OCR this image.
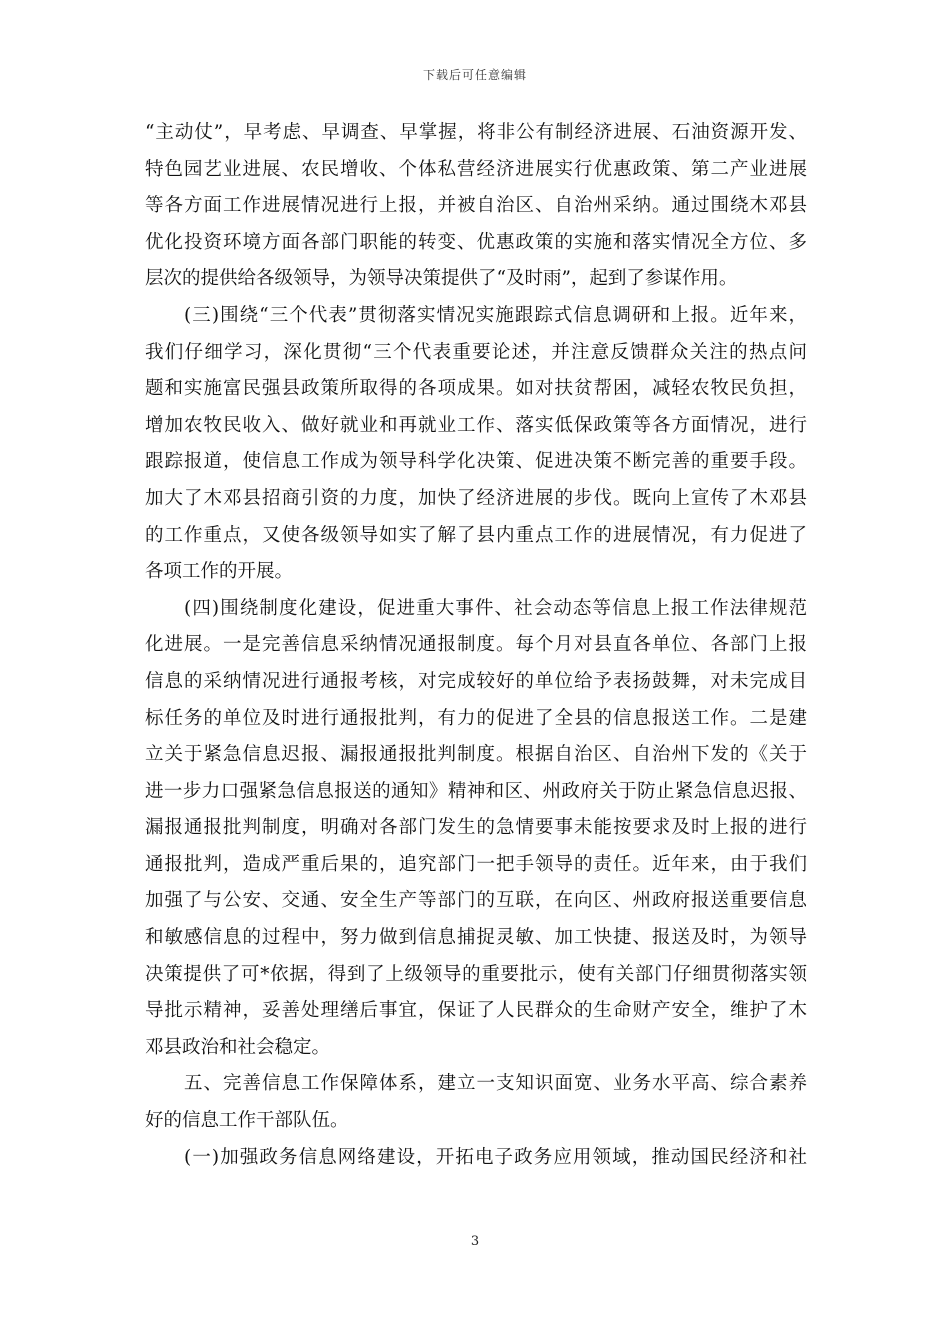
下载后可任意编辑
“主动仗”，早考虑、早调查、早掌握，将非公有制经济进展、石油资源开发、
特色园艺业进展、农民增收、个体私营经济进展实行优惠政策、第二产业进展
等各方面工作进展情况进行上报，并被自治区、自治州采纳。通过围绕木邓县
优化投资环境方面各部门职能的转变、优惠政策的实施和落实情况全方位、多
层次的提供给各级领导，为领导决策提供了“及时雨”，起到了参谋作用。
(三)围绕“三个代表”贯彻落实情况实施跟踪式信息调研和上报。近年来，
我们仔细学习，深化贯彻“三个代表重要论述，并注意反馈群众关注的热点问
题和实施富民强县政策所取得的各项成果。如对扶贫帮困，减轻农牧民负担，
增加农牧民收入、做好就业和再就业工作、落实低保政策等各方面情况，进行
跟踪报道，使信息工作成为领导科学化决策、促进决策不断完善的重要手段。
加大了木邓县招商引资的力度，加快了经济进展的步伐。既向上宣传了木邓县
的工作重点，又使各级领导如实了解了县内重点工作的进展情况，有力促进了
各项工作的开展。
(四)围绕制度化建设，促进重大事件、社会动态等信息上报工作法律规范
化进展。一是完善信息采纳情况通报制度。每个月对县直各单位、各部门上报
信息的采纳情况进行通报考核，对完成较好的单位给予表扬鼓舞，对未完成目
标任务的单位及时进行通报批判，有力的促进了全县的信息报送工作。二是建
立关于紧急信息迟报、漏报通报批判制度。根据自治区、自治州下发的《关于
进一步力口强紧急信息报送的通知》精神和区、州政府关于防止紧急信息迟报、
漏报通报批判制度，明确对各部门发生的急情要事未能按要求及时上报的进行
通报批判，造成严重后果的，追究部门一把手领导的责任。近年来，由于我们
加强了与公安、交通、安全生产等部门的互联，在向区、州政府报送重要信息
和敏感信息的过程中，努力做到信息捕捉灵敏、加工快捷、报送及时，为领导
决策提供了可*依据，得到了上级领导的重要批示，使有关部门仔细贯彻落实领
导批示精神，妥善处理缮后事宜，保证了人民群众的生命财产安全，维护了木
邓县政治和社会稳定。
五、完善信息工作保障体系，建立一支知识面宽、业务水平高、综合素养
好的信息工作干部队伍。
(一)加强政务信息网络建设，开拓电子政务应用领域，推动国民经济和社
3
